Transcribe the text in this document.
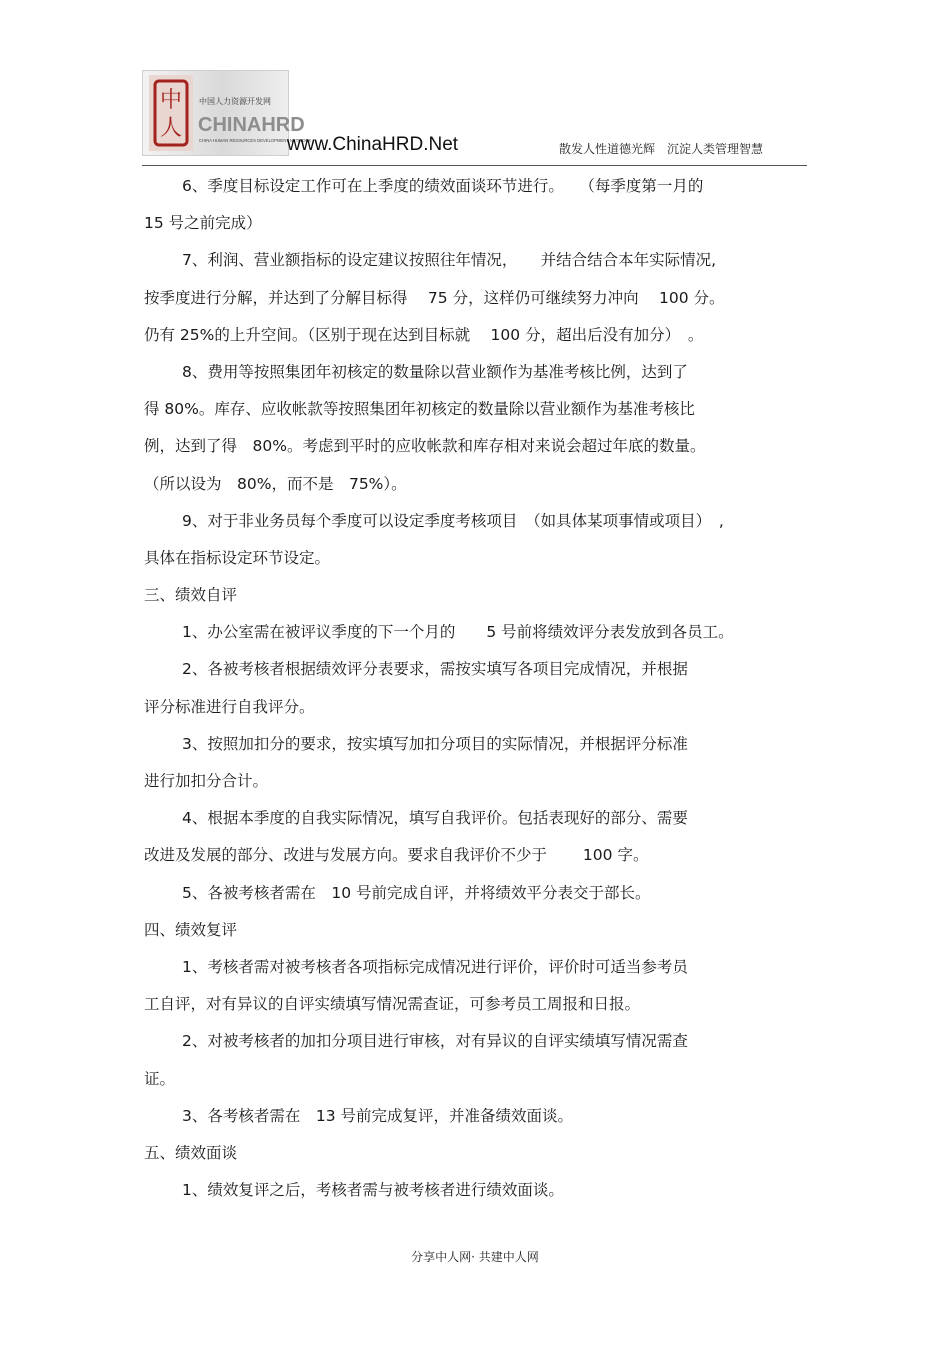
中
人
中国人力资源开发网
CHINAHRD
CHINA HUMAN RESOURCES DEVELOPMENT NETWORK
www.ChinaHRD.Net	散发人性道德光辉 沉淀人类管理智慧
6、季度目标设定工作可在上季度的绩效面谈环节进行。　　（每季度第一月的
15 号之前完成）
7、利润、营业额指标的设定建议按照往年情况，　　并结合结合本年实际情况,
按季度进行分解，并达到了分解目标得　 75 分，这样仍可继续努力冲向　 100 分。
仍有 25%的上升空间。（区别于现在达到目标就　 100 分，超出后没有加分）　。
8、费用等按照集团年初核定的数量除以营业额作为基准考核比例，达到了
得 80%。库存、应收帐款等按照集团年初核定的数量除以营业额作为基准考核比
例，达到了得　80%。考虑到平时的应收帐款和库存相对来说会超过年底的数量。
（所以设为　80%，而不是　75%）。
9、对于非业务员每个季度可以设定季度考核项目　（如具体某项事情或项目）　,
具体在指标设定环节设定。
三、绩效自评
1、办公室需在被评议季度的下一个月的　　5 号前将绩效评分表发放到各员工。
2、各被考核者根据绩效评分表要求，需按实填写各项目完成情况，并根据
评分标准进行自我评分。
3、按照加扣分的要求，按实填写加扣分项目的实际情况，并根据评分标准
进行加扣分合计。
4、根据本季度的自我实际情况，填写自我评价。包括表现好的部分、需要
改进及发展的部分、改进与发展方向。要求自我评价不少于　　 100 字。
5、各被考核者需在　10 号前完成自评，并将绩效平分表交于部长。
四、绩效复评
1、考核者需对被考核者各项指标完成情况进行评价，评价时可适当参考员
工自评，对有异议的自评实绩填写情况需查证，可参考员工周报和日报。
2、对被考核者的加扣分项目进行审核，对有异议的自评实绩填写情况需查
证。
3、各考核者需在　13 号前完成复评，并准备绩效面谈。
五、绩效面谈
1、绩效复评之后，考核者需与被考核者进行绩效面谈。
分享中人网· 共建中人网
